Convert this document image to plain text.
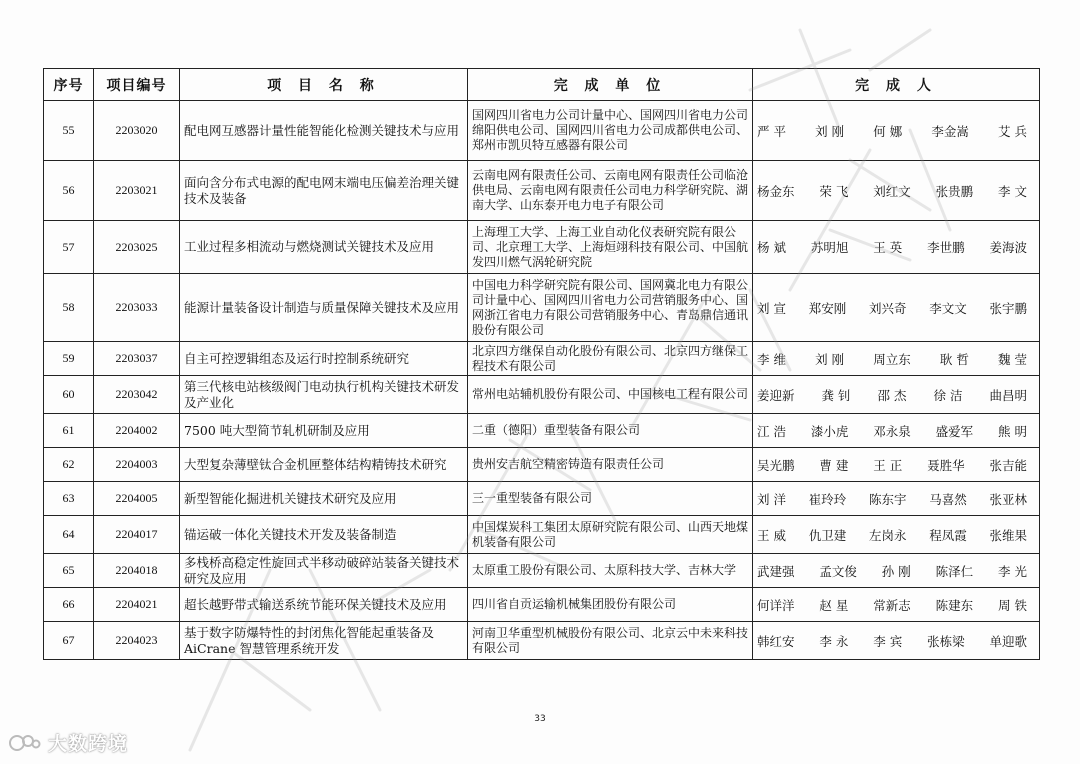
序号	项目编号	项 目 名 称	完 成 单 位	完 成 人
55	2203020	配电网互感器计量性能智能化检测关键技术与应用	国网四川省电力公司计量中心、国网四川省电力公司绵阳供电公司、国网四川省电力公司成都供电公司、郑州市凯贝特互感器有限公司	严 平 刘 刚 何 娜 李金嵩 艾 兵

56	2203021	面向含分布式电源的配电网末端电压偏差治理关键技术及装备	云南电网有限责任公司、云南电网有限责任公司临沧供电局、云南电网有限责任公司电力科学研究院、湖南大学、山东泰开电力电子有限公司	杨金东 荣 飞 刘红文 张贵鹏 李 文

57	2203025	工业过程多相流动与燃烧测试关键技术及应用	上海理工大学、上海工业自动化仪表研究院有限公司、北京理工大学、上海烜翊科技有限公司、中国航发四川燃气涡轮研究院	杨 斌 苏明旭 王 英 李世鹏 姜海波

58	2203033	能源计量装备设计制造与质量保障关键技术及应用	中国电力科学研究院有限公司、国网冀北电力有限公司计量中心、国网四川省电力公司营销服务中心、国网浙江省电力有限公司营销服务中心、青岛鼎信通讯股份有限公司	刘 宣 郑安刚 刘兴奇 李文文 张宇鹏

59	2203037	自主可控逻辑组态及运行时控制系统研究	北京四方继保自动化股份有限公司、北京四方继保工程技术有限公司	李 维 刘 刚 周立东 耿 哲 魏 莹

60	2203042	第三代核电站核级阀门电动执行机构关键技术研发及产业化	常州电站辅机股份有限公司、中国核电工程有限公司	姜迎新 龚 钊 邵 杰 徐 洁 曲昌明

61	2204002	7500 吨大型简节轧机研制及应用	二重（德阳）重型装备有限公司	江 浩 漆小虎 邓永泉 盛爱军 熊 明

62	2204003	大型复杂薄壁钛合金机匣整体结构精铸技术研究	贵州安吉航空精密铸造有限责任公司	吴光鹏 曹 建 王 正 聂胜华 张吉能

63	2204005	新型智能化掘进机关键技术研究及应用	三一重型装备有限公司	刘 洋 崔玲玲 陈东宇 马喜然 张亚林

64	2204017	锚运破一体化关键技术开发及装备制造	中国煤炭科工集团太原研究院有限公司、山西天地煤机装备有限公司	王 威 仇卫建 左岗永 程凤霞 张维果

65	2204018	多栈桥高稳定性旋回式半移动破碎站装备关键技术研究及应用	太原重工股份有限公司、太原科技大学、吉林大学	武建强 孟文俊 孙 刚 陈泽仁 李 光

66	2204021	超长越野带式输送系统节能环保关键技术及应用	四川省自贡运输机械集团股份有限公司	何详洋 赵 星 常新志 陈建东 周 铁

67	2204023	基于数字防爆特性的封闭焦化智能起重装备及 AiCrane 智慧管理系统开发	河南卫华重型机械股份有限公司、北京云中未来科技有限公司	韩红安 李 永 李 宾 张栋梁 单迎歌
33
大数跨境
